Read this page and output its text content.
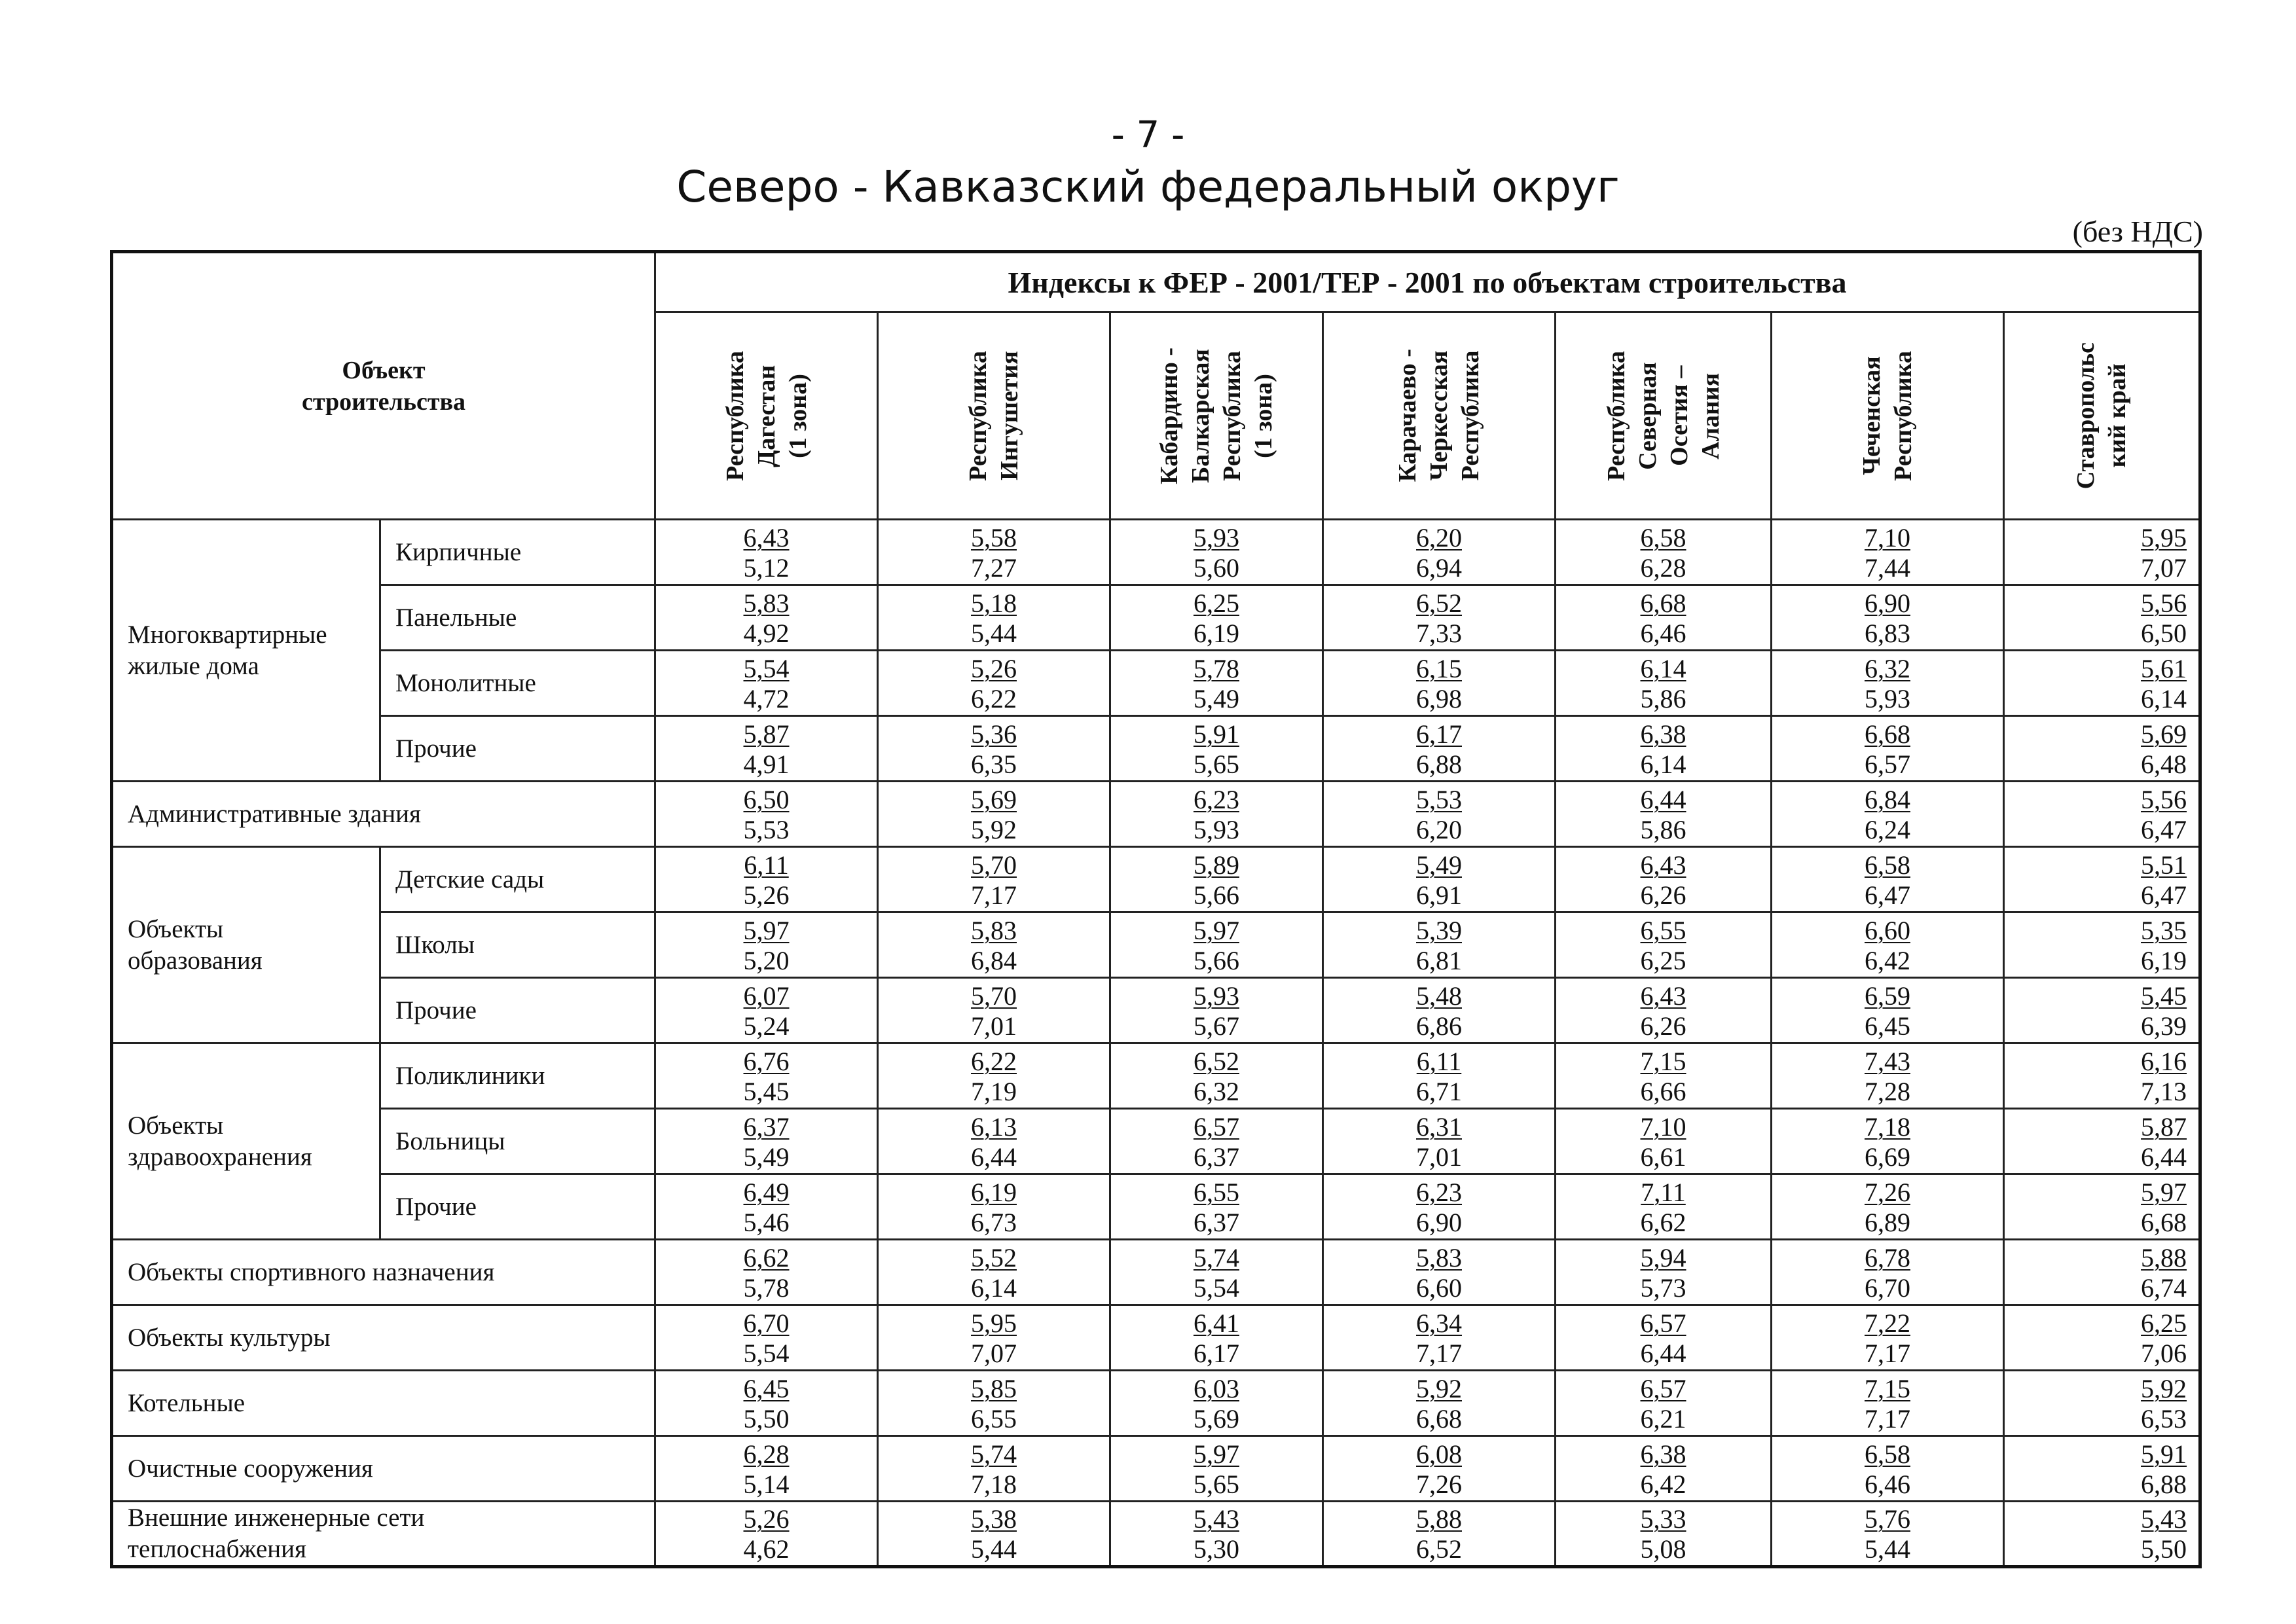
- 7 -
Северо - Кавказский федеральный округ
(без НДС)
Объект
строительства		Индексы к ФЕР - 2001/ТЕР - 2001 по объектам строительства						

		Республика
Дагестан
(1 зона)	Республика
Ингушетия	Кабардино -
Балкарская
Республика
(1 зона)	Карачаево -
Черкесская
Республика	Республика
Северная
Осетия –
Алания	Чеченская
Республика	Ставропольс
кий край

Многоквартирные
жилые дома	Кирпичные	6,43
5,12	5,58
7,27	5,93
5,60	6,20
6,94	6,58
6,28	7,10
7,44	5,95
7,07

	Панельные	5,83
4,92	5,18
5,44	6,25
6,19	6,52
7,33	6,68
6,46	6,90
6,83	5,56
6,50

	Монолитные	5,54
4,72	5,26
6,22	5,78
5,49	6,15
6,98	6,14
5,86	6,32
5,93	5,61
6,14

	Прочие	5,87
4,91	5,36
6,35	5,91
5,65	6,17
6,88	6,38
6,14	6,68
6,57	5,69
6,48

Административные здания		6,50
5,53	5,69
5,92	6,23
5,93	5,53
6,20	6,44
5,86	6,84
6,24	5,56
6,47

Объекты
образования	Детские сады	6,11
5,26	5,70
7,17	5,89
5,66	5,49
6,91	6,43
6,26	6,58
6,47	5,51
6,47

	Школы	5,97
5,20	5,83
6,84	5,97
5,66	5,39
6,81	6,55
6,25	6,60
6,42	5,35
6,19

	Прочие	6,07
5,24	5,70
7,01	5,93
5,67	5,48
6,86	6,43
6,26	6,59
6,45	5,45
6,39

Объекты
здравоохранения	Поликлиники	6,76
5,45	6,22
7,19	6,52
6,32	6,11
6,71	7,15
6,66	7,43
7,28	6,16
7,13

	Больницы	6,37
5,49	6,13
6,44	6,57
6,37	6,31
7,01	7,10
6,61	7,18
6,69	5,87
6,44

	Прочие	6,49
5,46	6,19
6,73	6,55
6,37	6,23
6,90	7,11
6,62	7,26
6,89	5,97
6,68

Объекты спортивного назначения		6,62
5,78	5,52
6,14	5,74
5,54	5,83
6,60	5,94
5,73	6,78
6,70	5,88
6,74

Объекты культуры		6,70
5,54	5,95
7,07	6,41
6,17	6,34
7,17	6,57
6,44	7,22
7,17	6,25
7,06

Котельные		6,45
5,50	5,85
6,55	6,03
5,69	5,92
6,68	6,57
6,21	7,15
7,17	5,92
6,53

Очистные сооружения		6,28
5,14	5,74
7,18	5,97
5,65	6,08
7,26	6,38
6,42	6,58
6,46	5,91
6,88

Внешние инженерные сети
теплоснабжения		5,26
4,62	5,38
5,44	5,43
5,30	5,88
6,52	5,33
5,08	5,76
5,44	5,43
5,50
